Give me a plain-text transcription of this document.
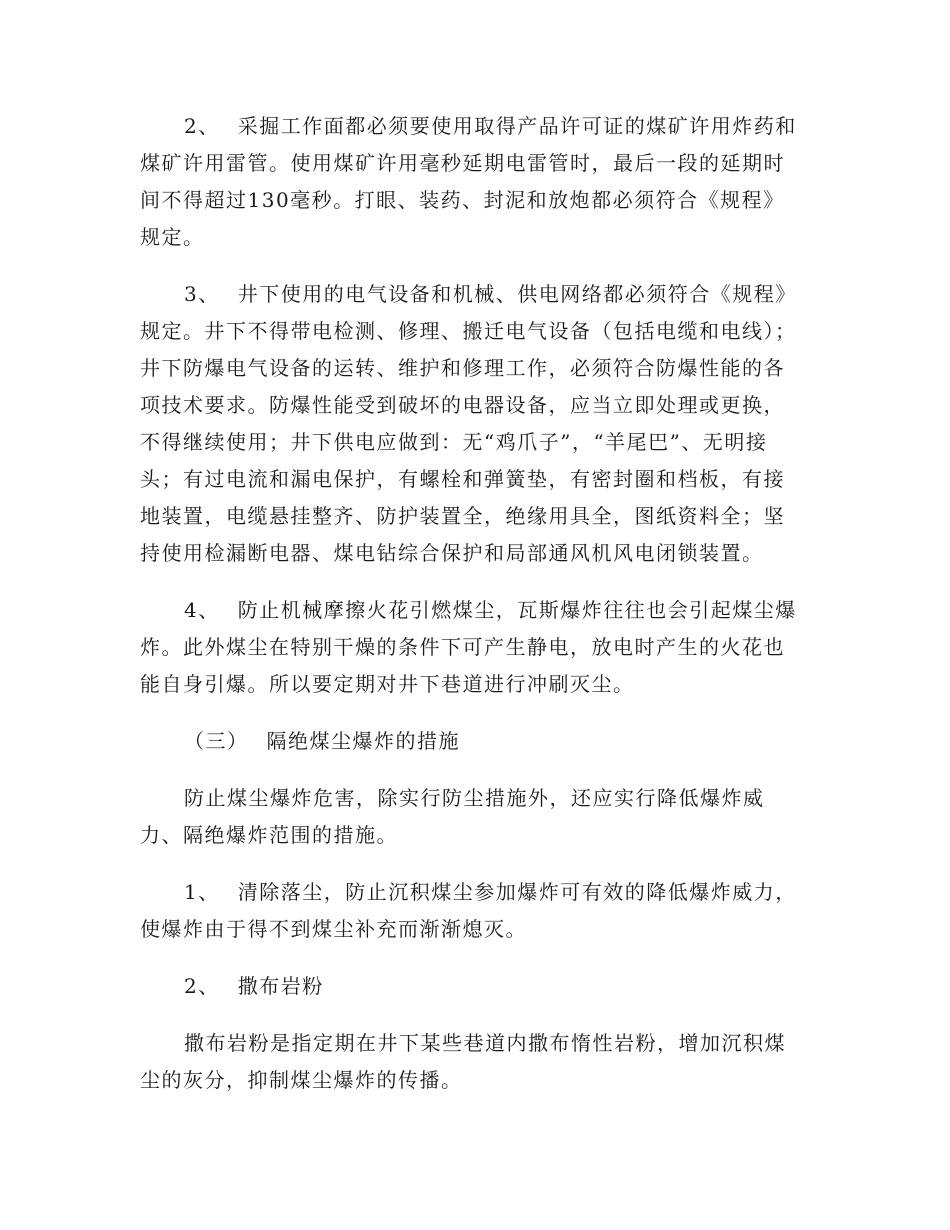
2、 采掘工作面都必须要使用取得产品许可证的煤矿许用炸药和煤矿许用雷管。使用煤矿许用毫秒延期电雷管时，最后一段的延期时间不得超过130毫秒。打眼、装药、封泥和放炮都必须符合《规程》规定。

3、 井下使用的电气设备和机械、供电网络都必须符合《规程》规定。井下不得带电检测、修理、搬迁电气设备（包括电缆和电线）；井下防爆电气设备的运转、维护和修理工作，必须符合防爆性能的各项技术要求。防爆性能受到破坏的电器设备，应当立即处理或更换，不得继续使用；井下供电应做到：无“鸡爪子”，“羊尾巴”、无明接头；有过电流和漏电保护，有螺栓和弹簧垫，有密封圈和档板，有接地装置，电缆悬挂整齐、防护装置全，绝缘用具全，图纸资料全；坚持使用检漏断电器、煤电钻综合保护和局部通风机风电闭锁装置。

4、 防止机械摩擦火花引燃煤尘，瓦斯爆炸往往也会引起煤尘爆炸。此外煤尘在特别干燥的条件下可产生静电，放电时产生的火花也能自身引爆。所以要定期对井下巷道进行冲刷灭尘。

（三） 隔绝煤尘爆炸的措施

防止煤尘爆炸危害，除实行防尘措施外，还应实行降低爆炸威力、隔绝爆炸范围的措施。

1、 清除落尘，防止沉积煤尘参加爆炸可有效的降低爆炸威力，使爆炸由于得不到煤尘补充而渐渐熄灭。

2、 撒布岩粉

撒布岩粉是指定期在井下某些巷道内撒布惰性岩粉，增加沉积煤尘的灰分，抑制煤尘爆炸的传播。
